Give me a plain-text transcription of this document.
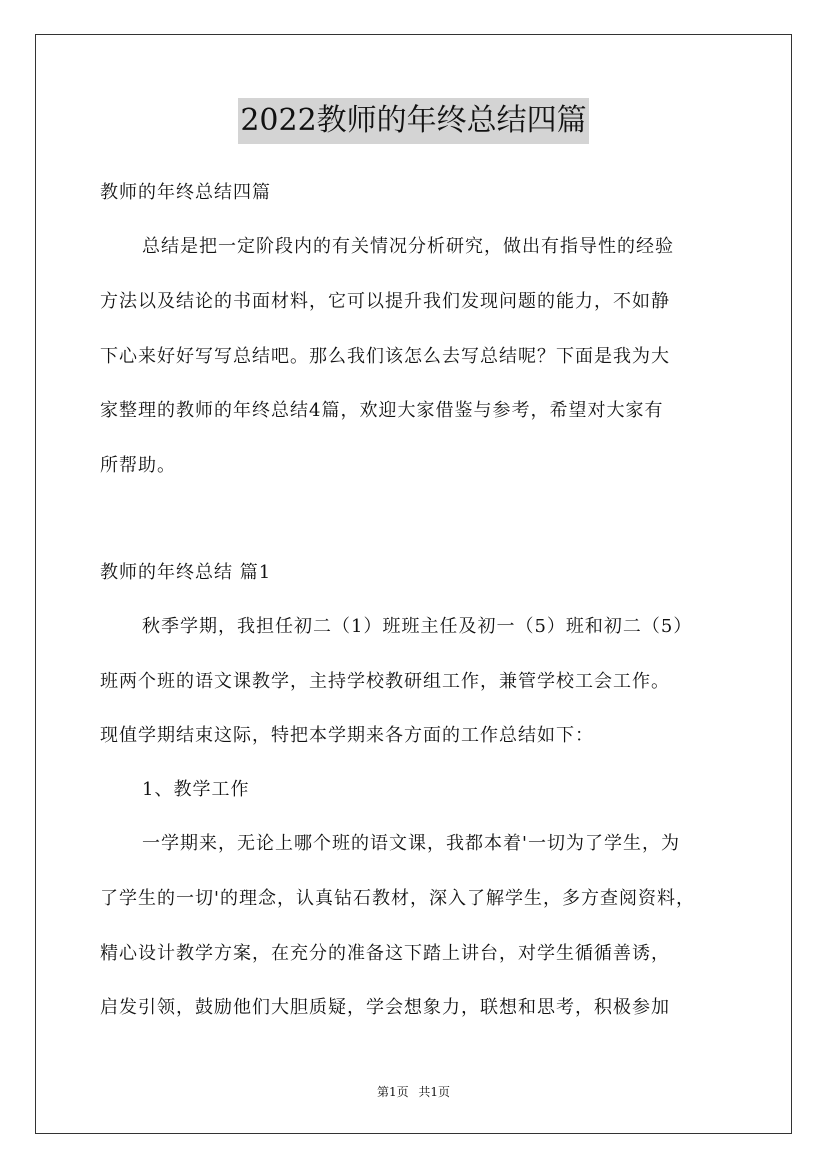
2022教师的年终总结四篇
教师的年终总结四篇
总结是把一定阶段内的有关情况分析研究，做出有指导性的经验
方法以及结论的书面材料，它可以提升我们发现问题的能力，不如静
下心来好好写写总结吧。那么我们该怎么去写总结呢？下面是我为大
家整理的教师的年终总结4篇，欢迎大家借鉴与参考，希望对大家有
所帮助。
教师的年终总结 篇1
秋季学期，我担任初二（1）班班主任及初一（5）班和初二（5）
班两个班的语文课教学，主持学校教研组工作，兼管学校工会工作。
现值学期结束这际，特把本学期来各方面的工作总结如下：
1、教学工作
一学期来，无论上哪个班的语文课，我都本着'一切为了学生，为
了学生的一切'的理念，认真钻石教材，深入了解学生，多方查阅资料，
精心设计教学方案，在充分的准备这下踏上讲台，对学生循循善诱，
启发引领，鼓励他们大胆质疑，学会想象力，联想和思考，积极参加
第1页 共1页
